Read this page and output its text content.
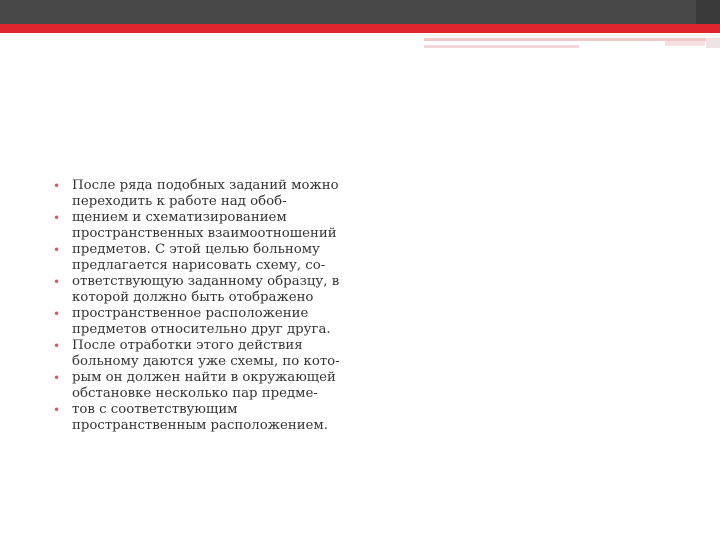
• После ряда подобных заданий можно
переходить к работе над обоб-
• щением и схематизированием
пространственных взаимоотношений
• предметов. С этой целью больному
предлагается нарисовать схему, со-
• ответствующую заданному образцу, в
которой должно быть отображено
• пространственное расположение
предметов относительно друг друга.
• После отработки этого действия
больному даются уже схемы, по кото-
• рым он должен найти в окружающей
обстановке несколько пар предме-
• тов с соответствующим
пространственным расположением.
